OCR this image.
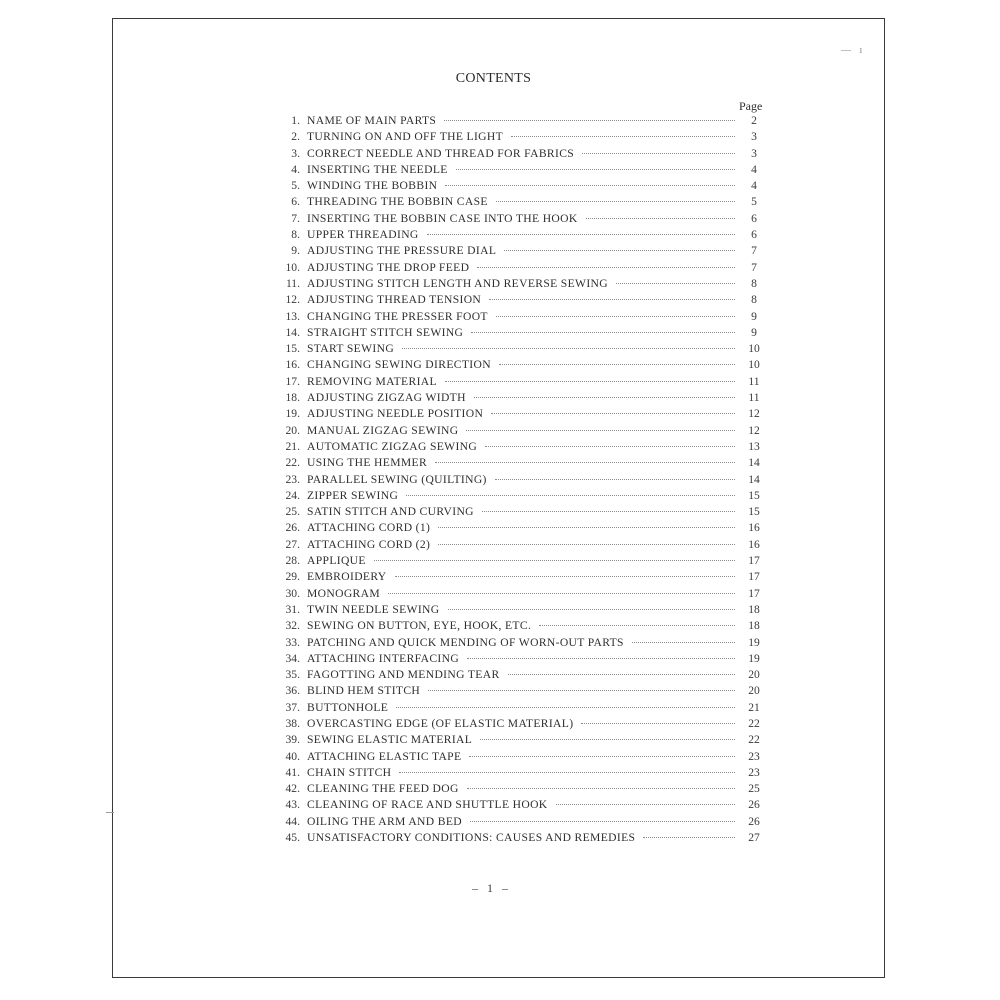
— ı
CONTENTS
Page
1. NAME OF MAIN PARTS	2
2. TURNING ON AND OFF THE LIGHT	3
3. CORRECT NEEDLE AND THREAD FOR FABRICS	3
4. INSERTING THE NEEDLE	4
5. WINDING THE BOBBIN	4
6. THREADING THE BOBBIN CASE	5
7. INSERTING THE BOBBIN CASE INTO THE HOOK	6
8. UPPER THREADING	6
9. ADJUSTING THE PRESSURE DIAL	7
10. ADJUSTING THE DROP FEED	7
11. ADJUSTING STITCH LENGTH AND REVERSE SEWING	8
12. ADJUSTING THREAD TENSION	8
13. CHANGING THE PRESSER FOOT	9
14. STRAIGHT STITCH SEWING	9
15. START SEWING	10
16. CHANGING SEWING DIRECTION	10
17. REMOVING MATERIAL	11
18. ADJUSTING ZIGZAG WIDTH	11
19. ADJUSTING NEEDLE POSITION	12
20. MANUAL ZIGZAG SEWING	12
21. AUTOMATIC ZIGZAG SEWING	13
22. USING THE HEMMER	14
23. PARALLEL SEWING (QUILTING)	14
24. ZIPPER SEWING	15
25. SATIN STITCH AND CURVING	15
26. ATTACHING CORD (1)	16
27. ATTACHING CORD (2)	16
28. APPLIQUE	17
29. EMBROIDERY	17
30. MONOGRAM	17
31. TWIN NEEDLE SEWING	18
32. SEWING ON BUTTON, EYE, HOOK, ETC.	18
33. PATCHING AND QUICK MENDING OF WORN-OUT PARTS	19
34. ATTACHING INTERFACING	19
35. FAGOTTING AND MENDING TEAR	20
36. BLIND HEM STITCH	20
37. BUTTONHOLE	21
38. OVERCASTING EDGE (OF ELASTIC MATERIAL)	22
39. SEWING ELASTIC MATERIAL	22
40. ATTACHING ELASTIC TAPE	23
41. CHAIN STITCH	23
42. CLEANING THE FEED DOG	25
43. CLEANING OF RACE AND SHUTTLE HOOK	26
44. OILING THE ARM AND BED	26
45. UNSATISFACTORY CONDITIONS: CAUSES AND REMEDIES	27
– 1 –
